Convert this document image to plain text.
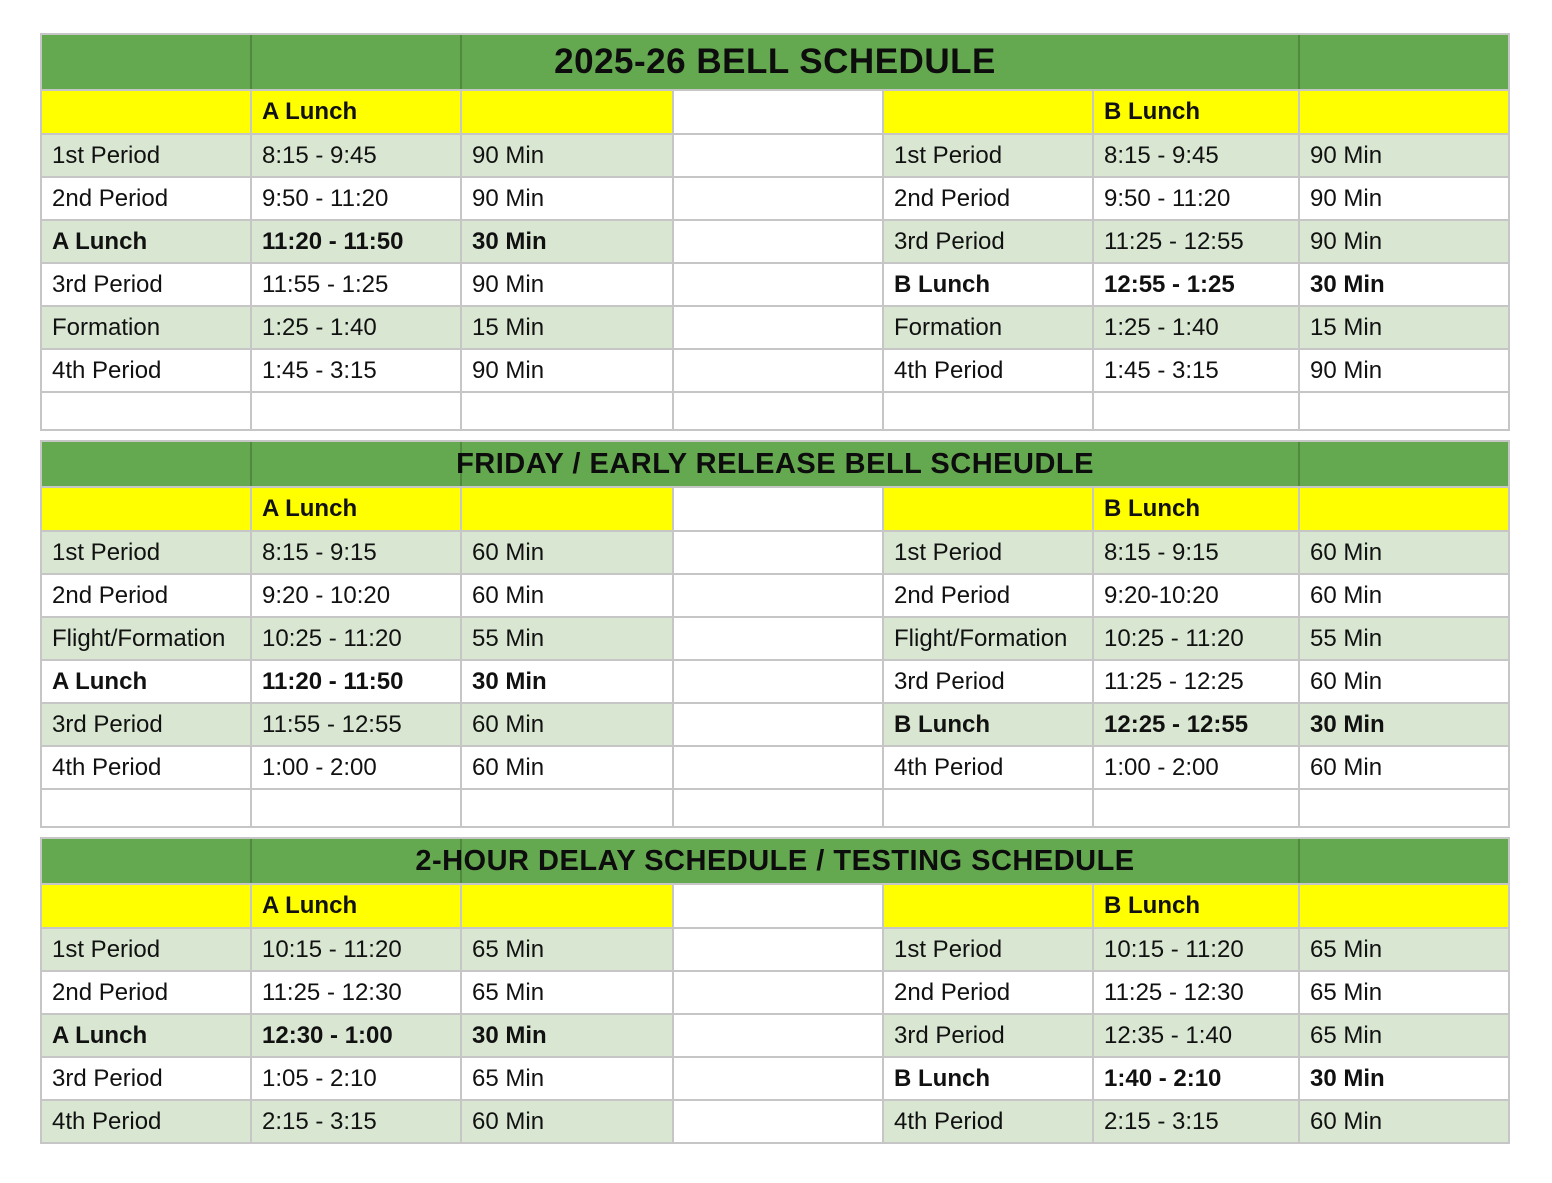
2025-26 BELL SCHEDULE
A Lunch	B Lunch
1st Period	8:15 - 9:45	90 Min	1st Period	8:15 - 9:45	90 Min
2nd Period	9:50 - 11:20	90 Min	2nd Period	9:50 - 11:20	90 Min
A Lunch	11:20 - 11:50	30 Min	3rd Period	11:25 - 12:55	90 Min
3rd Period	11:55 - 1:25	90 Min	B Lunch	12:55 - 1:25	30 Min
Formation	1:25 - 1:40	15 Min	Formation	1:25 - 1:40	15 Min
4th Period	1:45 - 3:15	90 Min	4th Period	1:45 - 3:15	90 Min
FRIDAY / EARLY RELEASE BELL SCHEUDLE
A Lunch	B Lunch
1st Period	8:15 - 9:15	60 Min	1st Period	8:15 - 9:15	60 Min
2nd Period	9:20 - 10:20	60 Min	2nd Period	9:20-10:20	60 Min
Flight/Formation	10:25 - 11:20	55 Min	Flight/Formation	10:25 - 11:20	55 Min
A Lunch	11:20 - 11:50	30 Min	3rd Period	11:25 - 12:25	60 Min
3rd Period	11:55 - 12:55	60 Min	B Lunch	12:25 - 12:55	30 Min
4th Period	1:00 - 2:00	60 Min	4th Period	1:00 - 2:00	60 Min
2-HOUR DELAY SCHEDULE / TESTING SCHEDULE
A Lunch	B Lunch
1st Period	10:15 - 11:20	65 Min	1st Period	10:15 - 11:20	65 Min
2nd Period	11:25 - 12:30	65 Min	2nd Period	11:25 - 12:30	65 Min
A Lunch	12:30 - 1:00	30 Min	3rd Period	12:35 - 1:40	65 Min
3rd Period	1:05 - 2:10	65 Min	B Lunch	1:40 - 2:10	30 Min
4th Period	2:15 - 3:15	60 Min	4th Period	2:15 - 3:15	60 Min
